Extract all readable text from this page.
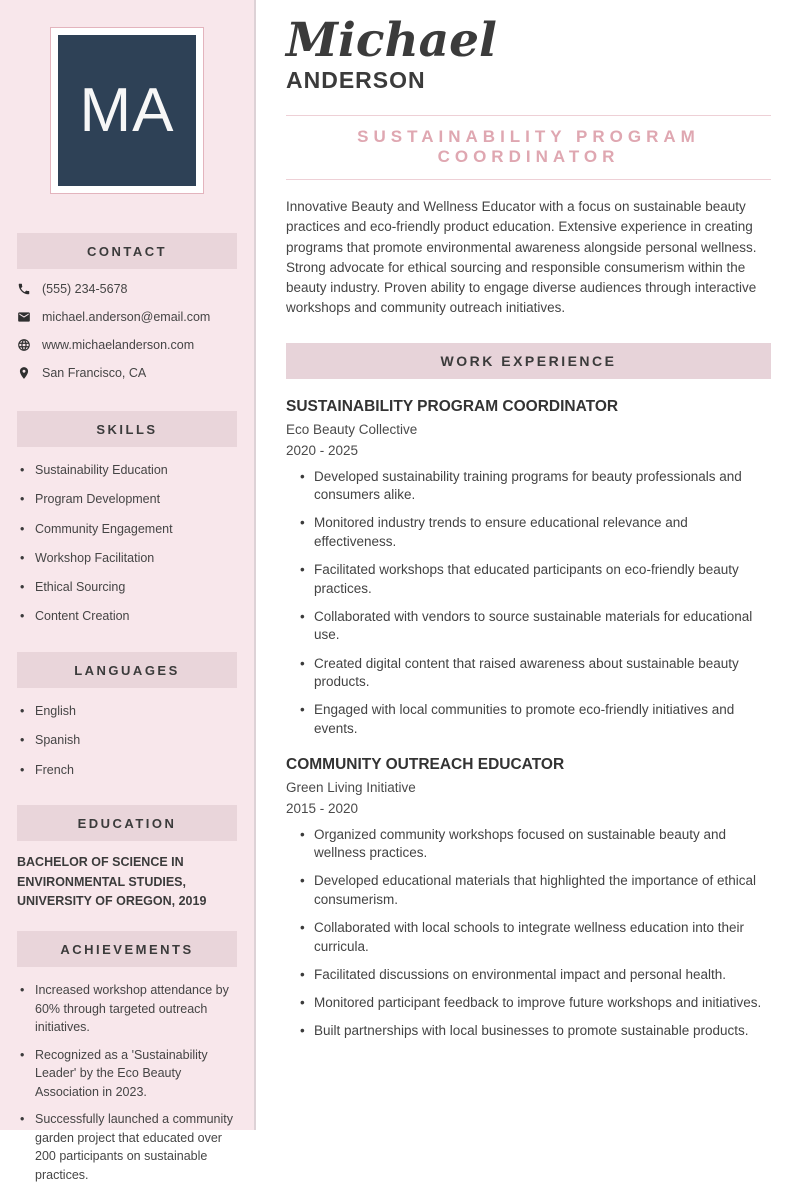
MA
CONTACT
(555) 234-5678
michael.anderson@email.com
www.michaelanderson.com
San Francisco, CA
SKILLS
• Sustainability Education
• Program Development
• Community Engagement
• Workshop Facilitation
• Ethical Sourcing
• Content Creation
LANGUAGES
• English
• Spanish
• French
EDUCATION
BACHELOR OF SCIENCE IN ENVIRONMENTAL STUDIES, UNIVERSITY OF OREGON, 2019
ACHIEVEMENTS
• Increased workshop attendance by 60% through targeted outreach initiatives.
• Recognized as a 'Sustainability Leader' by the Eco Beauty Association in 2023.
• Successfully launched a community garden project that educated over 200 participants on sustainable practices.
Michael
ANDERSON
SUSTAINABILITY PROGRAM COORDINATOR

Innovative Beauty and Wellness Educator with a focus on sustainable beauty practices and eco-friendly product education. Extensive experience in creating programs that promote environmental awareness alongside personal wellness. Strong advocate for ethical sourcing and responsible consumerism within the beauty industry. Proven ability to engage diverse audiences through interactive workshops and community outreach initiatives.

WORK EXPERIENCE
SUSTAINABILITY PROGRAM COORDINATOR
Eco Beauty Collective
2020 - 2025
• Developed sustainability training programs for beauty professionals and consumers alike.
• Monitored industry trends to ensure educational relevance and effectiveness.
• Facilitated workshops that educated participants on eco-friendly beauty practices.
• Collaborated with vendors to source sustainable materials for educational use.
• Created digital content that raised awareness about sustainable beauty products.
• Engaged with local communities to promote eco-friendly initiatives and events.
COMMUNITY OUTREACH EDUCATOR
Green Living Initiative
2015 - 2020
• Organized community workshops focused on sustainable beauty and wellness practices.
• Developed educational materials that highlighted the importance of ethical consumerism.
• Collaborated with local schools to integrate wellness education into their curricula.
• Facilitated discussions on environmental impact and personal health.
• Monitored participant feedback to improve future workshops and initiatives.
• Built partnerships with local businesses to promote sustainable products.
